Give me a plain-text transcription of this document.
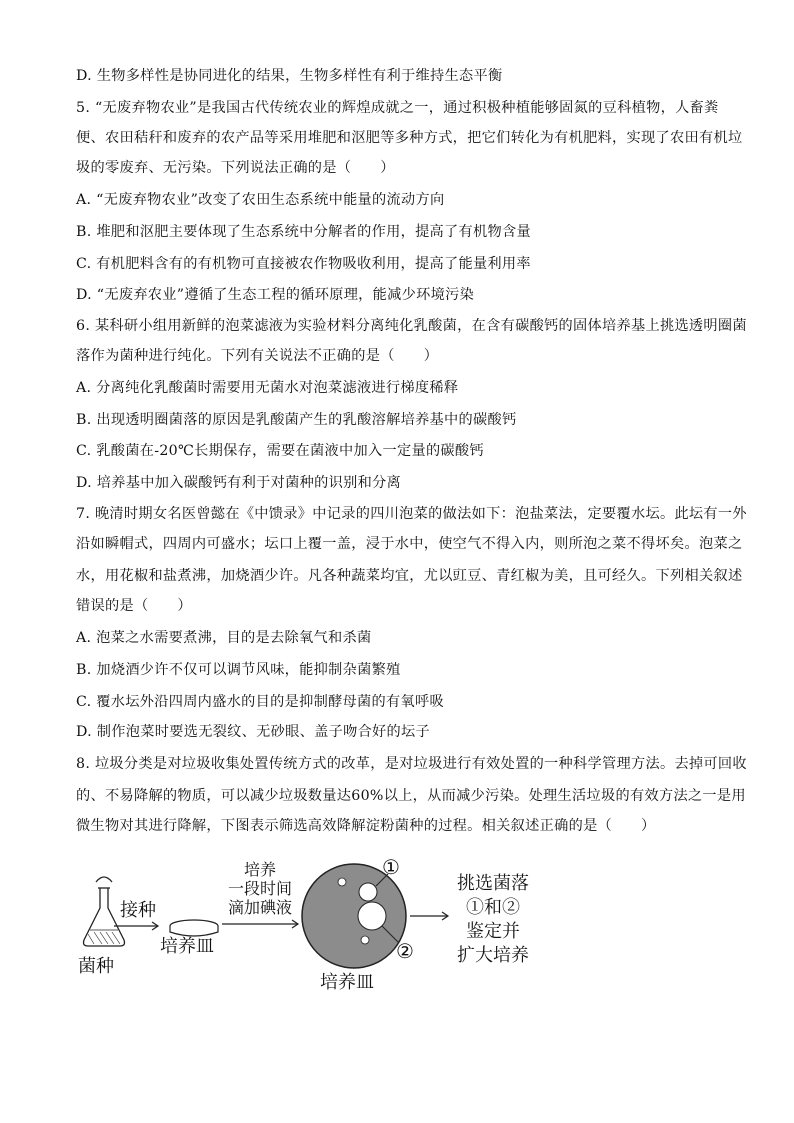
D. 生物多样性是协同进化的结果，生物多样性有利于维持生态平衡
5. “无废弃物农业”是我国古代传统农业的辉煌成就之一，通过积极种植能够固氮的豆科植物，人畜粪
便、农田秸秆和废弃的农产品等采用堆肥和沤肥等多种方式，把它们转化为有机肥料，实现了农田有机垃
圾的零废弃、无污染。下列说法正确的是（　　）
A. “无废弃物农业”改变了农田生态系统中能量的流动方向
B. 堆肥和沤肥主要体现了生态系统中分解者的作用，提高了有机物含量
C. 有机肥料含有的有机物可直接被农作物吸收利用，提高了能量利用率
D. “无废弃农业”遵循了生态工程的循环原理，能减少环境污染
6. 某科研小组用新鲜的泡菜滤液为实验材料分离纯化乳酸菌，在含有碳酸钙的固体培养基上挑选透明圈菌
落作为菌种进行纯化。下列有关说法不正确的是（　　）
A. 分离纯化乳酸菌时需要用无菌水对泡菜滤液进行梯度稀释
B. 出现透明圈菌落的原因是乳酸菌产生的乳酸溶解培养基中的碳酸钙
C. 乳酸菌在-20℃长期保存，需要在菌液中加入一定量的碳酸钙
D. 培养基中加入碳酸钙有利于对菌种的识别和分离
7. 晚清时期女名医曾懿在《中馈录》中记录的四川泡菜的做法如下：泡盐菜法，定要覆水坛。此坛有一外
沿如瞬帽式，四周内可盛水；坛口上覆一盖，浸于水中，使空气不得入内，则所泡之菜不得坏矣。泡菜之
水，用花椒和盐煮沸，加烧酒少许。凡各种蔬菜均宜，尤以豇豆、青红椒为美，且可经久。下列相关叙述
错误的是（　　）
A. 泡菜之水需要煮沸，目的是去除氧气和杀菌
B. 加烧酒少许不仅可以调节风味，能抑制杂菌繁殖
C. 覆水坛外沿四周内盛水的目的是抑制酵母菌的有氧呼吸
D. 制作泡菜时要选无裂纹、无砂眼、盖子吻合好的坛子
8. 垃圾分类是对垃圾收集处置传统方式的改革，是对垃圾进行有效处置的一种科学管理方法。去掉可回收
的、不易降解的物质，可以减少垃圾数量达60%以上，从而减少污染。处理生活垃圾的有效方法之一是用
微生物对其进行降解，下图表示筛选高效降解淀粉菌种的过程。相关叙述正确的是（　　）
菌种
接种
培养皿
培养
一段时间
滴加碘液
①
②
培养皿
挑选菌落
①和②
鉴定并
扩大培养
